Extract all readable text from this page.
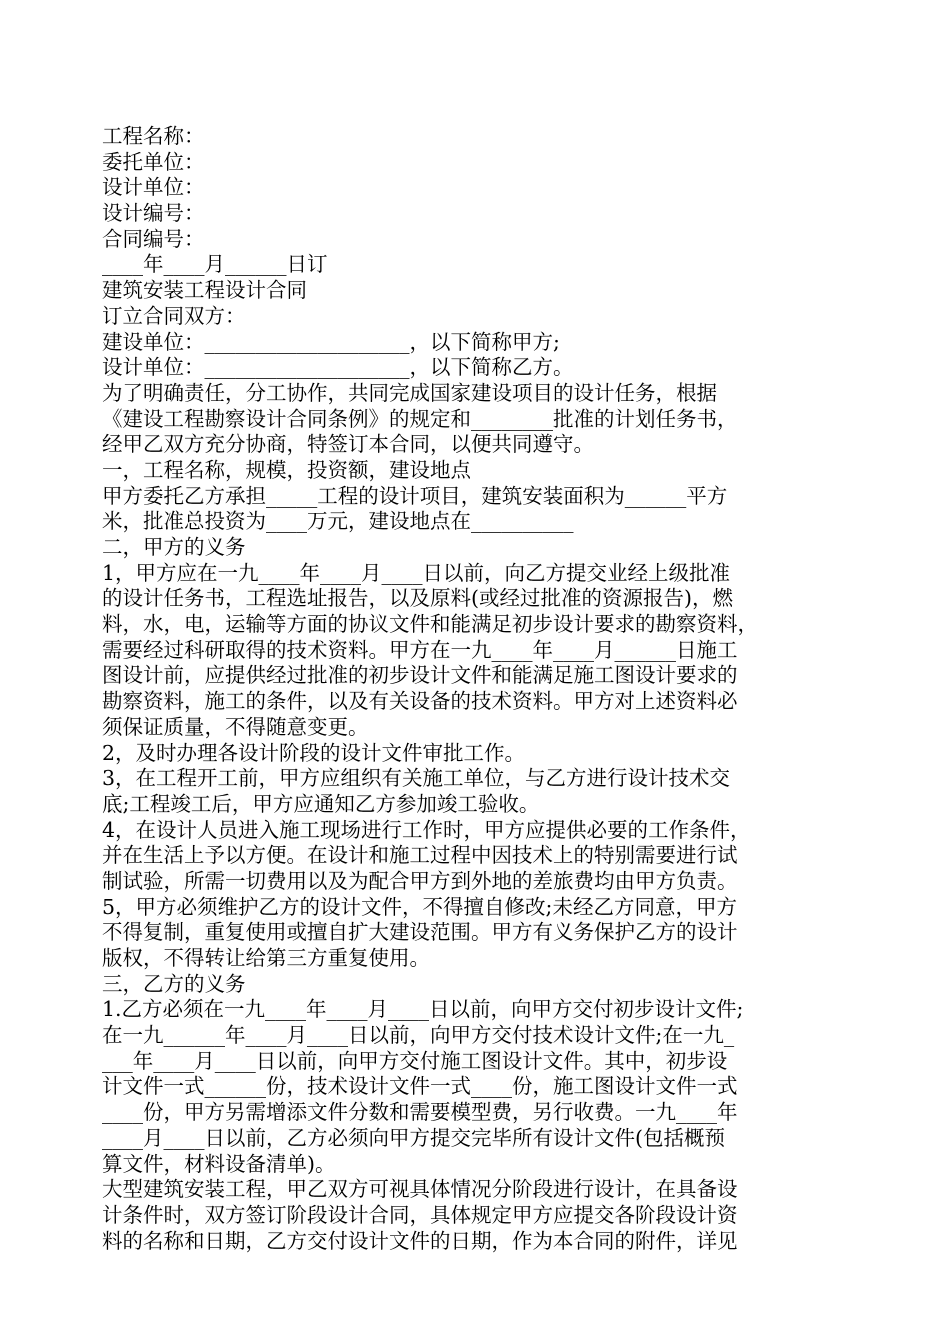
工程名称：
委托单位：
设计单位：
设计编号：
合同编号：
____年____月______日订
建筑安装工程设计合同
订立合同双方：
建设单位：____________________，以下简称甲方;
设计单位：____________________，以下简称乙方。
为了明确责任，分工协作，共同完成国家建设项目的设计任务，根据
《建设工程勘察设计合同条例》的规定和________批准的计划任务书，
经甲乙双方充分协商，特签订本合同，以便共同遵守。
一，工程名称，规模，投资额，建设地点
甲方委托乙方承担_____工程的设计项目，建筑安装面积为______平方
米，批准总投资为____万元，建设地点在__________
二，甲方的义务
1，甲方应在一九____年____月____日以前，向乙方提交业经上级批准
的设计任务书，工程选址报告，以及原料(或经过批准的资源报告)，燃
料，水，电，运输等方面的协议文件和能满足初步设计要求的勘察资料，
需要经过科研取得的技术资料。甲方在一九____年____月______日施工
图设计前，应提供经过批准的初步设计文件和能满足施工图设计要求的
勘察资料，施工的条件，以及有关设备的技术资料。甲方对上述资料必
须保证质量，不得随意变更。
2，及时办理各设计阶段的设计文件审批工作。
3，在工程开工前，甲方应组织有关施工单位，与乙方进行设计技术交
底;工程竣工后，甲方应通知乙方参加竣工验收。
4，在设计人员进入施工现场进行工作时，甲方应提供必要的工作条件，
并在生活上予以方便。在设计和施工过程中因技术上的特别需要进行试
制试验，所需一切费用以及为配合甲方到外地的差旅费均由甲方负责。
5，甲方必须维护乙方的设计文件，不得擅自修改;未经乙方同意，甲方
不得复制，重复使用或擅自扩大建设范围。甲方有义务保护乙方的设计
版权，不得转让给第三方重复使用。
三，乙方的义务
1.乙方必须在一九____年____月____日以前，向甲方交付初步设计文件;
在一九______年____月____日以前，向甲方交付技术设计文件;在一九_
___年____月____日以前，向甲方交付施工图设计文件。其中，初步设
计文件一式______份，技术设计文件一式____份，施工图设计文件一式
____份，甲方另需增添文件分数和需要模型费，另行收费。一九____年
____月____日以前，乙方必须向甲方提交完毕所有设计文件(包括概预
算文件，材料设备清单)。
大型建筑安装工程，甲乙双方可视具体情况分阶段进行设计，在具备设
计条件时，双方签订阶段设计合同，具体规定甲方应提交各阶段设计资
料的名称和日期，乙方交付设计文件的日期，作为本合同的附件，详见
